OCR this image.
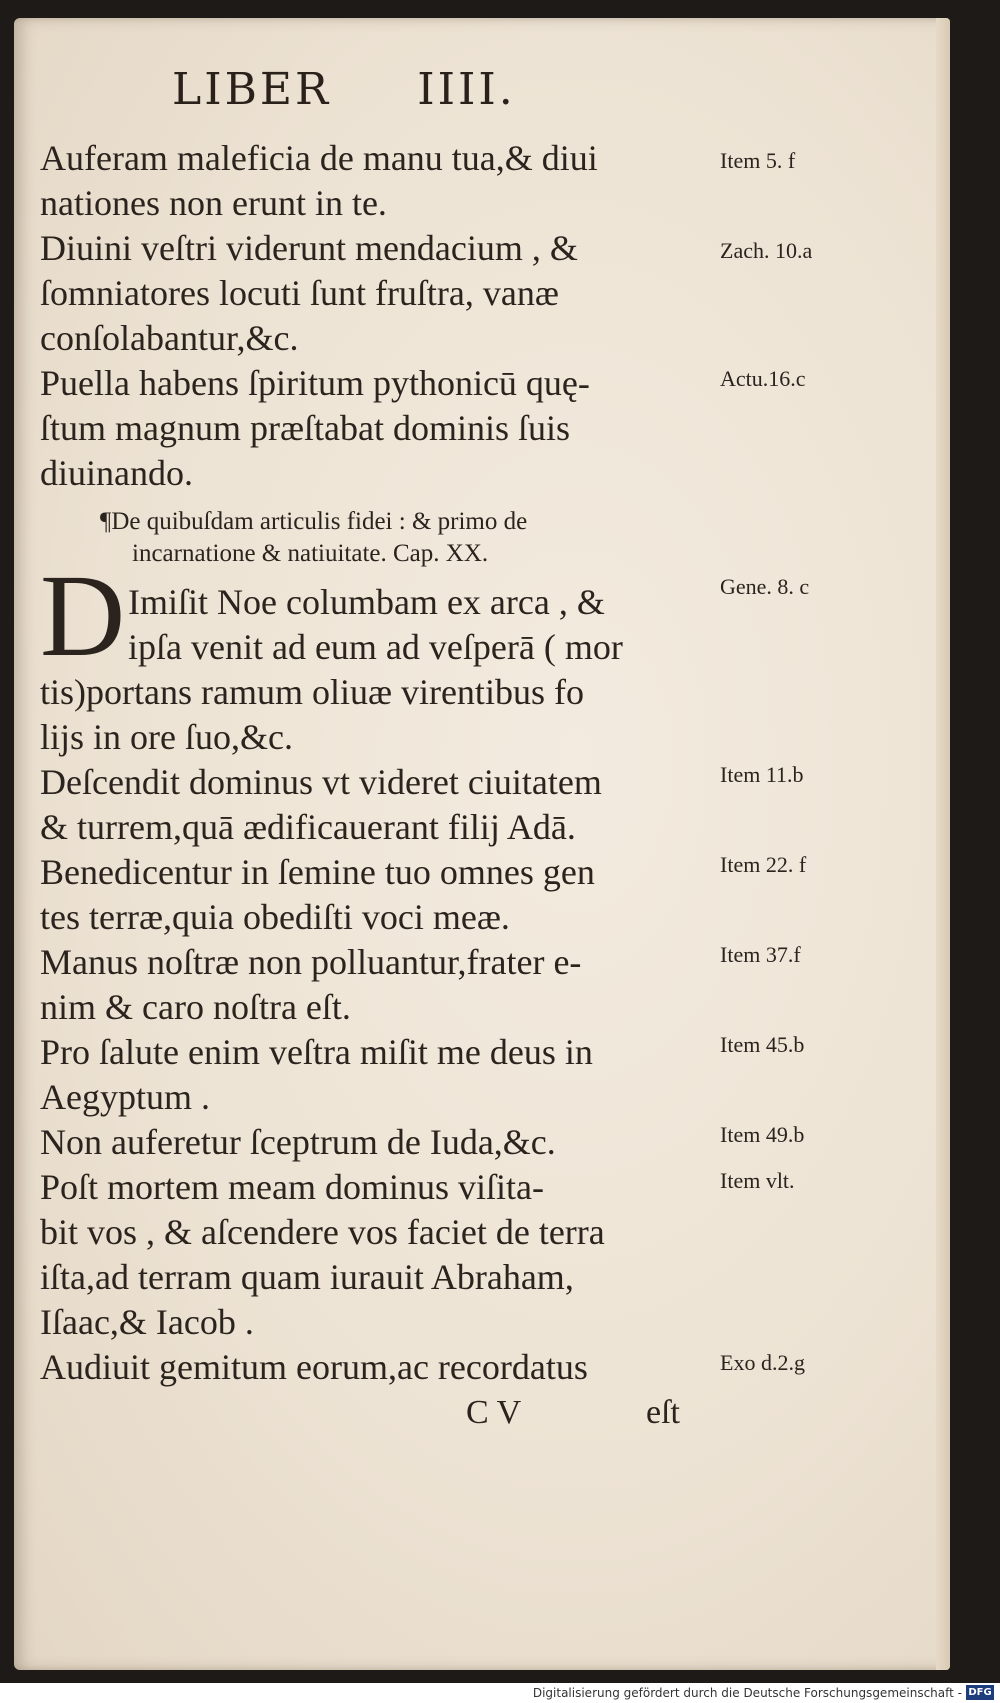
LIBER IIII.
Auferam maleficia de manu tua,& diui
nationes non erunt in te.
Diuini veſtri viderunt mendacium , &
ſomniatores locuti ſunt fruſtra, vanæ
conſolabantur,&c.
Puella habens ſpiritum pythonicū quę-
ſtum magnum præſtabat dominis ſuis
diuinando.
¶De quibuſdam articulis fidei : & primo de
incarnatione & natiuitate. Cap. XX.
D Imiſit Noe columbam ex arca , &
ipſa venit ad eum ad veſperā ( mor
tis)portans ramum oliuæ virentibus fo
lijs in ore ſuo,&c.
Deſcendit dominus vt videret ciuitatem
& turrem,quā ædificauerant filij Adā.
Benedicentur in ſemine tuo omnes gen
tes terræ,quia obediſti voci meæ.
Manus noſtræ non polluantur,frater e-
nim & caro noſtra eſt.
Pro ſalute enim veſtra miſit me deus in
Aegyptum .
Non auferetur ſceptrum de Iuda,&c.
Poſt mortem meam dominus viſita-
bit vos , & aſcendere vos faciet de terra
iſta,ad terram quam iurauit Abraham,
Iſaac,& Iacob .
Audiuit gemitum eorum,ac recordatus
Item 5. f
Zach. 10.a
Actu.16.c
Gene. 8. c
Item 11.b
Item 22. f
Item 37.f
Item 45.b
Item 49.b
Item vlt.
Exo d.2.g
C V	eſt
Digitalisierung gefördert durch die Deutsche Forschungsgemeinschaft - DFG
